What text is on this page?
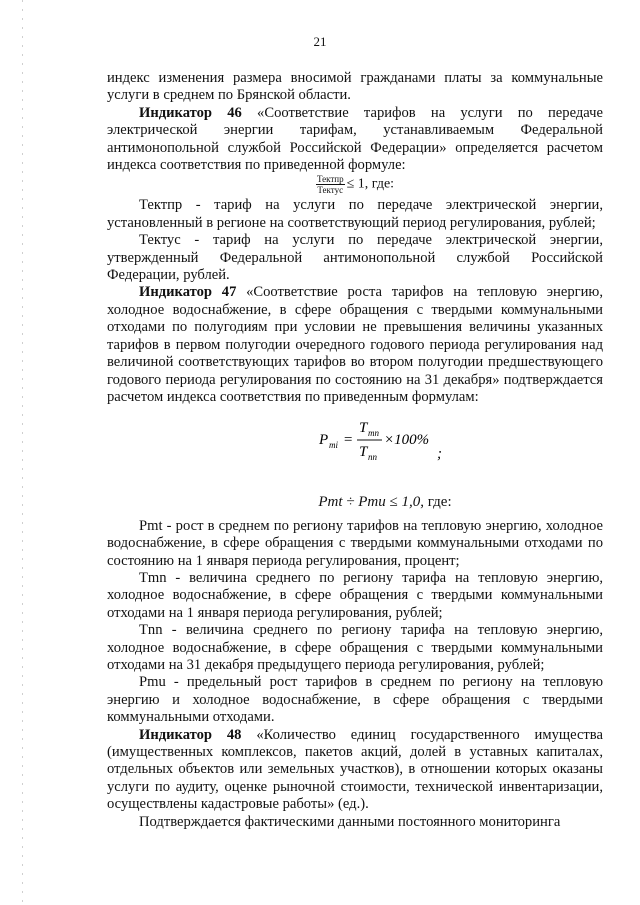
21

индекс изменения размера вносимой гражданами платы за коммунальные услуги в среднем по Брянской области.

Индикатор 46 «Соответствие тарифов на услуги по передаче электрической энергии тарифам, устанавливаемым Федеральной антимонопольной службой Российской Федерации» определяется расчетом индекса соответствия по приведенной формуле:

$\frac{\text{Тектпр}}{\text{Тектус}} \le 1$, где:

Тектпр - тариф на услуги по передаче электрической энергии, установленный в регионе на соответствующий период регулирования, рублей;

Тектус - тариф на услуги по передаче электрической энергии, утвержденный Федеральной антимонопольной службой Российской Федерации, рублей.

Индикатор 47 «Соответствие роста тарифов на тепловую энергию, холодное водоснабжение, в сфере обращения с твердыми коммунальными отходами по полугодиям при условии не превышения величины указанных тарифов в первом полугодии очередного годового периода регулирования над величиной соответствующих тарифов во втором полугодии предшествующего годового периода регулирования по состоянию на 31 декабря» подтверждается расчетом индекса соответствия по приведенным формулам:

P mi =
T mn
T nn
×100%
;
Pmt ÷ Pmu ≤ 1,0, где:

Pmt - рост в среднем по региону тарифов на тепловую энергию, холодное водоснабжение, в сфере обращения с твердыми коммунальными отходами по состоянию на 1 января периода регулирования, процент;

Tmn - величина среднего по региону тарифа на тепловую энергию, холодное водоснабжение, в сфере обращения с твердыми коммунальными отходами на 1 января периода регулирования, рублей;

Tnn - величина среднего по региону тарифа на тепловую энергию, холодное водоснабжение, в сфере обращения с твердыми коммунальными отходами на 31 декабря предыдущего периода регулирования, рублей;

Pmu - предельный рост тарифов в среднем по региону на тепловую энергию и холодное водоснабжение, в сфере обращения с твердыми коммунальными отходами.

Индикатор 48 «Количество единиц государственного имущества (имущественных комплексов, пакетов акций, долей в уставных капиталах, отдельных объектов или земельных участков), в отношении которых оказаны услуги по аудиту, оценке рыночной стоимости, технической инвентаризации, осуществлены кадастровые работы» (ед.).

Подтверждается фактическими данными постоянного мониторинга
